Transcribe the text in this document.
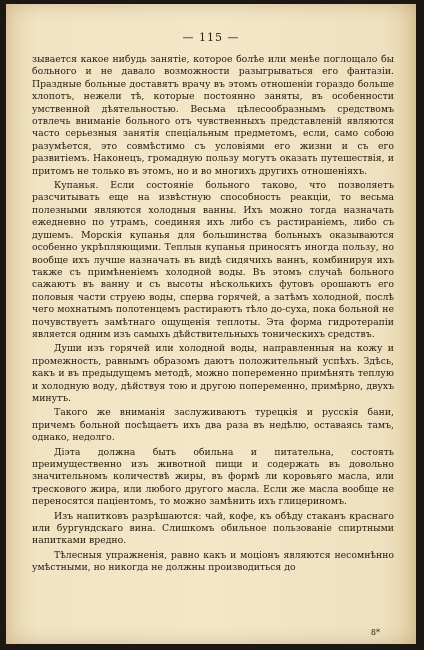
— 115 —

зывается какое нибудь занятіе, которое болѣе или менѣе поглощало бы больного и не давало возможности разыгрываться его фантазіи. Праздные больные доставятъ врачу въ этомъ отношеніи гораздо больше хлопотъ, нежели тѣ, которые постоянно заняты, въ особенности умственной дѣятельностью. Весьма цѣлесообразнымъ средствомъ отвлечь вниманіе больного отъ чувственныхъ представленій являются часто серьезныя занятія спеціальным предметомъ, если, само собою разумѣется, это совмѣстимо съ условіями его жизни и съ его развитіемъ. Наконецъ, громадную пользу могутъ оказать путешествія, и притомъ не только въ этомъ, но и во многихъ другихъ отношеніяхъ.

Купанья. Если состояніе больного таково, что позволяетъ разсчитывать еще на извѣстную способность реакціи, то весьма полезными являются холодныя ванны. Ихъ можно тогда назначать ежедневно по утрамъ, соединяя ихъ либо съ растираніемъ, либо съ душемъ. Морскія купанья для большинства больныхъ оказываются особенно укрѣпляющими. Теплыя купанья приносятъ иногда пользу, но вообще ихъ лучше назначать въ видѣ сидячихъ ваннъ, комбинируя ихъ также съ примѣненіемъ холодной воды. Въ этомъ случаѣ больного сажаютъ въ ванну и съ высоты нѣсколькихъ футовъ орошаютъ его половыя части струею воды, сперва горячей, а затѣмъ холодной, послѣ чего мохнатымъ полотенцемъ растираютъ тѣло до-суха, пока больной не почувствуетъ замѣтнаго ощущенія теплоты. Эта форма гидротерапіи является одним изъ самыхъ дѣйствительныхъ тоническихъ средствъ.

Души изъ горячей или холодной воды, направленныя на кожу и промежность, равнымъ образомъ даютъ положительный успѣхъ. Здѣсь, какъ и въ предыдущемъ методѣ, можно попеременно примѣнять теплую и холодную воду, дѣйствуя тою и другою попеременно, примѣрно, двухъ минутъ.

Такого же вниманія заслуживаютъ турецкія и русскія бани, причемъ больной посѣщаетъ ихъ два раза въ недѣлю, оставаясь тамъ, однако, недолго.

Діэта должна быть обильна и питательна, состоять преимущественно изъ животной пищи и содержать въ довольно значительномъ количествѣ жиры, въ формѣ ли коровьяго масла, или трескового жира, или любого другого масла. Если же масла вообще не переносятся паціентомъ, то можно замѣнить ихъ глицериномъ.

Изъ напитковъ разрѣшаются: чай, кофе, къ обѣду стаканъ краснаго или бургундскаго вина. Слишкомъ обильное пользованіе спиртными напитками вредно.

Тѣлесныя упражненія, равно какъ и моціонъ являются несомнѣнно умѣстными, но никогда не должны производиться до

8*
